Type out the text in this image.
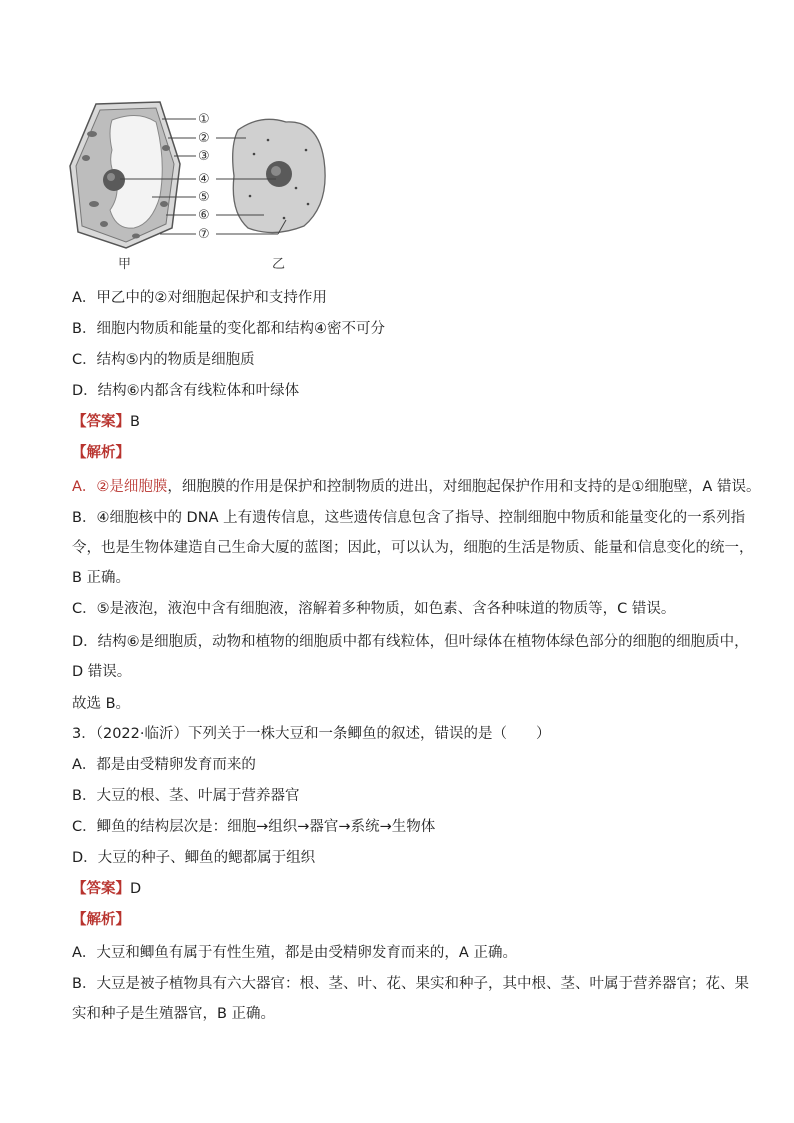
①
②
③
④
⑤
⑥
⑦
甲	乙
A．甲乙中的②对细胞起保护和支持作用
B．细胞内物质和能量的变化都和结构④密不可分
C．结构⑤内的物质是细胞质
D．结构⑥内都含有线粒体和叶绿体
【答案】B
【解析】
A．②是细胞膜，细胞膜的作用是保护和控制物质的进出，对细胞起保护作用和支持的是①细胞壁，A 错误。
B．④细胞核中的 DNA 上有遗传信息，这些遗传信息包含了指导、控制细胞中物质和能量变化的一系列指
令，也是生物体建造自己生命大厦的蓝图；因此，可以认为，细胞的生活是物质、能量和信息变化的统一，
B 正确。
C．⑤是液泡，液泡中含有细胞液，溶解着多种物质，如色素、含各种味道的物质等，C 错误。
D．结构⑥是细胞质，动物和植物的细胞质中都有线粒体，但叶绿体在植物体绿色部分的细胞的细胞质中，
D 错误。
故选 B。
3．（2022·临沂）下列关于一株大豆和一条鲫鱼的叙述，错误的是（　　）
A．都是由受精卵发育而来的
B．大豆的根、茎、叶属于营养器官
C．鲫鱼的结构层次是：细胞→组织→器官→系统→生物体
D．大豆的种子、鲫鱼的鳃都属于组织
【答案】D
【解析】
A．大豆和鲫鱼有属于有性生殖，都是由受精卵发育而来的，A 正确。
B．大豆是被子植物具有六大器官：根、茎、叶、花、果实和种子，其中根、茎、叶属于营养器官；花、果
实和种子是生殖器官，B 正确。
